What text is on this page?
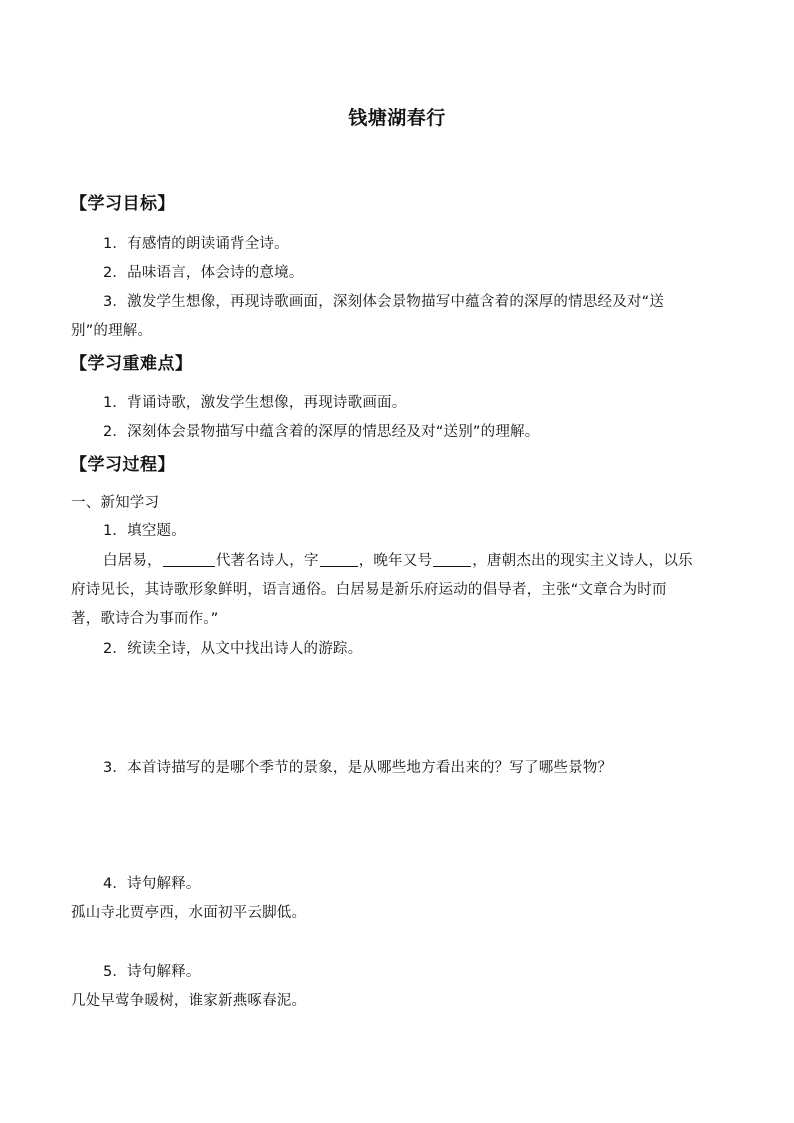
钱塘湖春行
【学习目标】
1．有感情的朗读诵背全诗。
2．品味语言，体会诗的意境。
3．激发学生想像，再现诗歌画面，深刻体会景物描写中蕴含着的深厚的情思经及对“送
别”的理解。
【学习重难点】
1．背诵诗歌，激发学生想像，再现诗歌画面。
2．深刻体会景物描写中蕴含着的深厚的情思经及对“送别”的理解。
【学习过程】
一、新知学习
1．填空题。
白居易，	代著名诗人，字	，晚年又号	，唐朝杰出的现实主义诗人，以乐
府诗见长，其诗歌形象鲜明，语言通俗。白居易是新乐府运动的倡导者，主张“文章合为时而
著，歌诗合为事而作。”
2．统读全诗，从文中找出诗人的游踪。
3．本首诗描写的是哪个季节的景象，是从哪些地方看出来的？写了哪些景物？
4．诗句解释。
孤山寺北贾亭西，水面初平云脚低。
5．诗句解释。
几处早莺争暖树，谁家新燕啄春泥。
